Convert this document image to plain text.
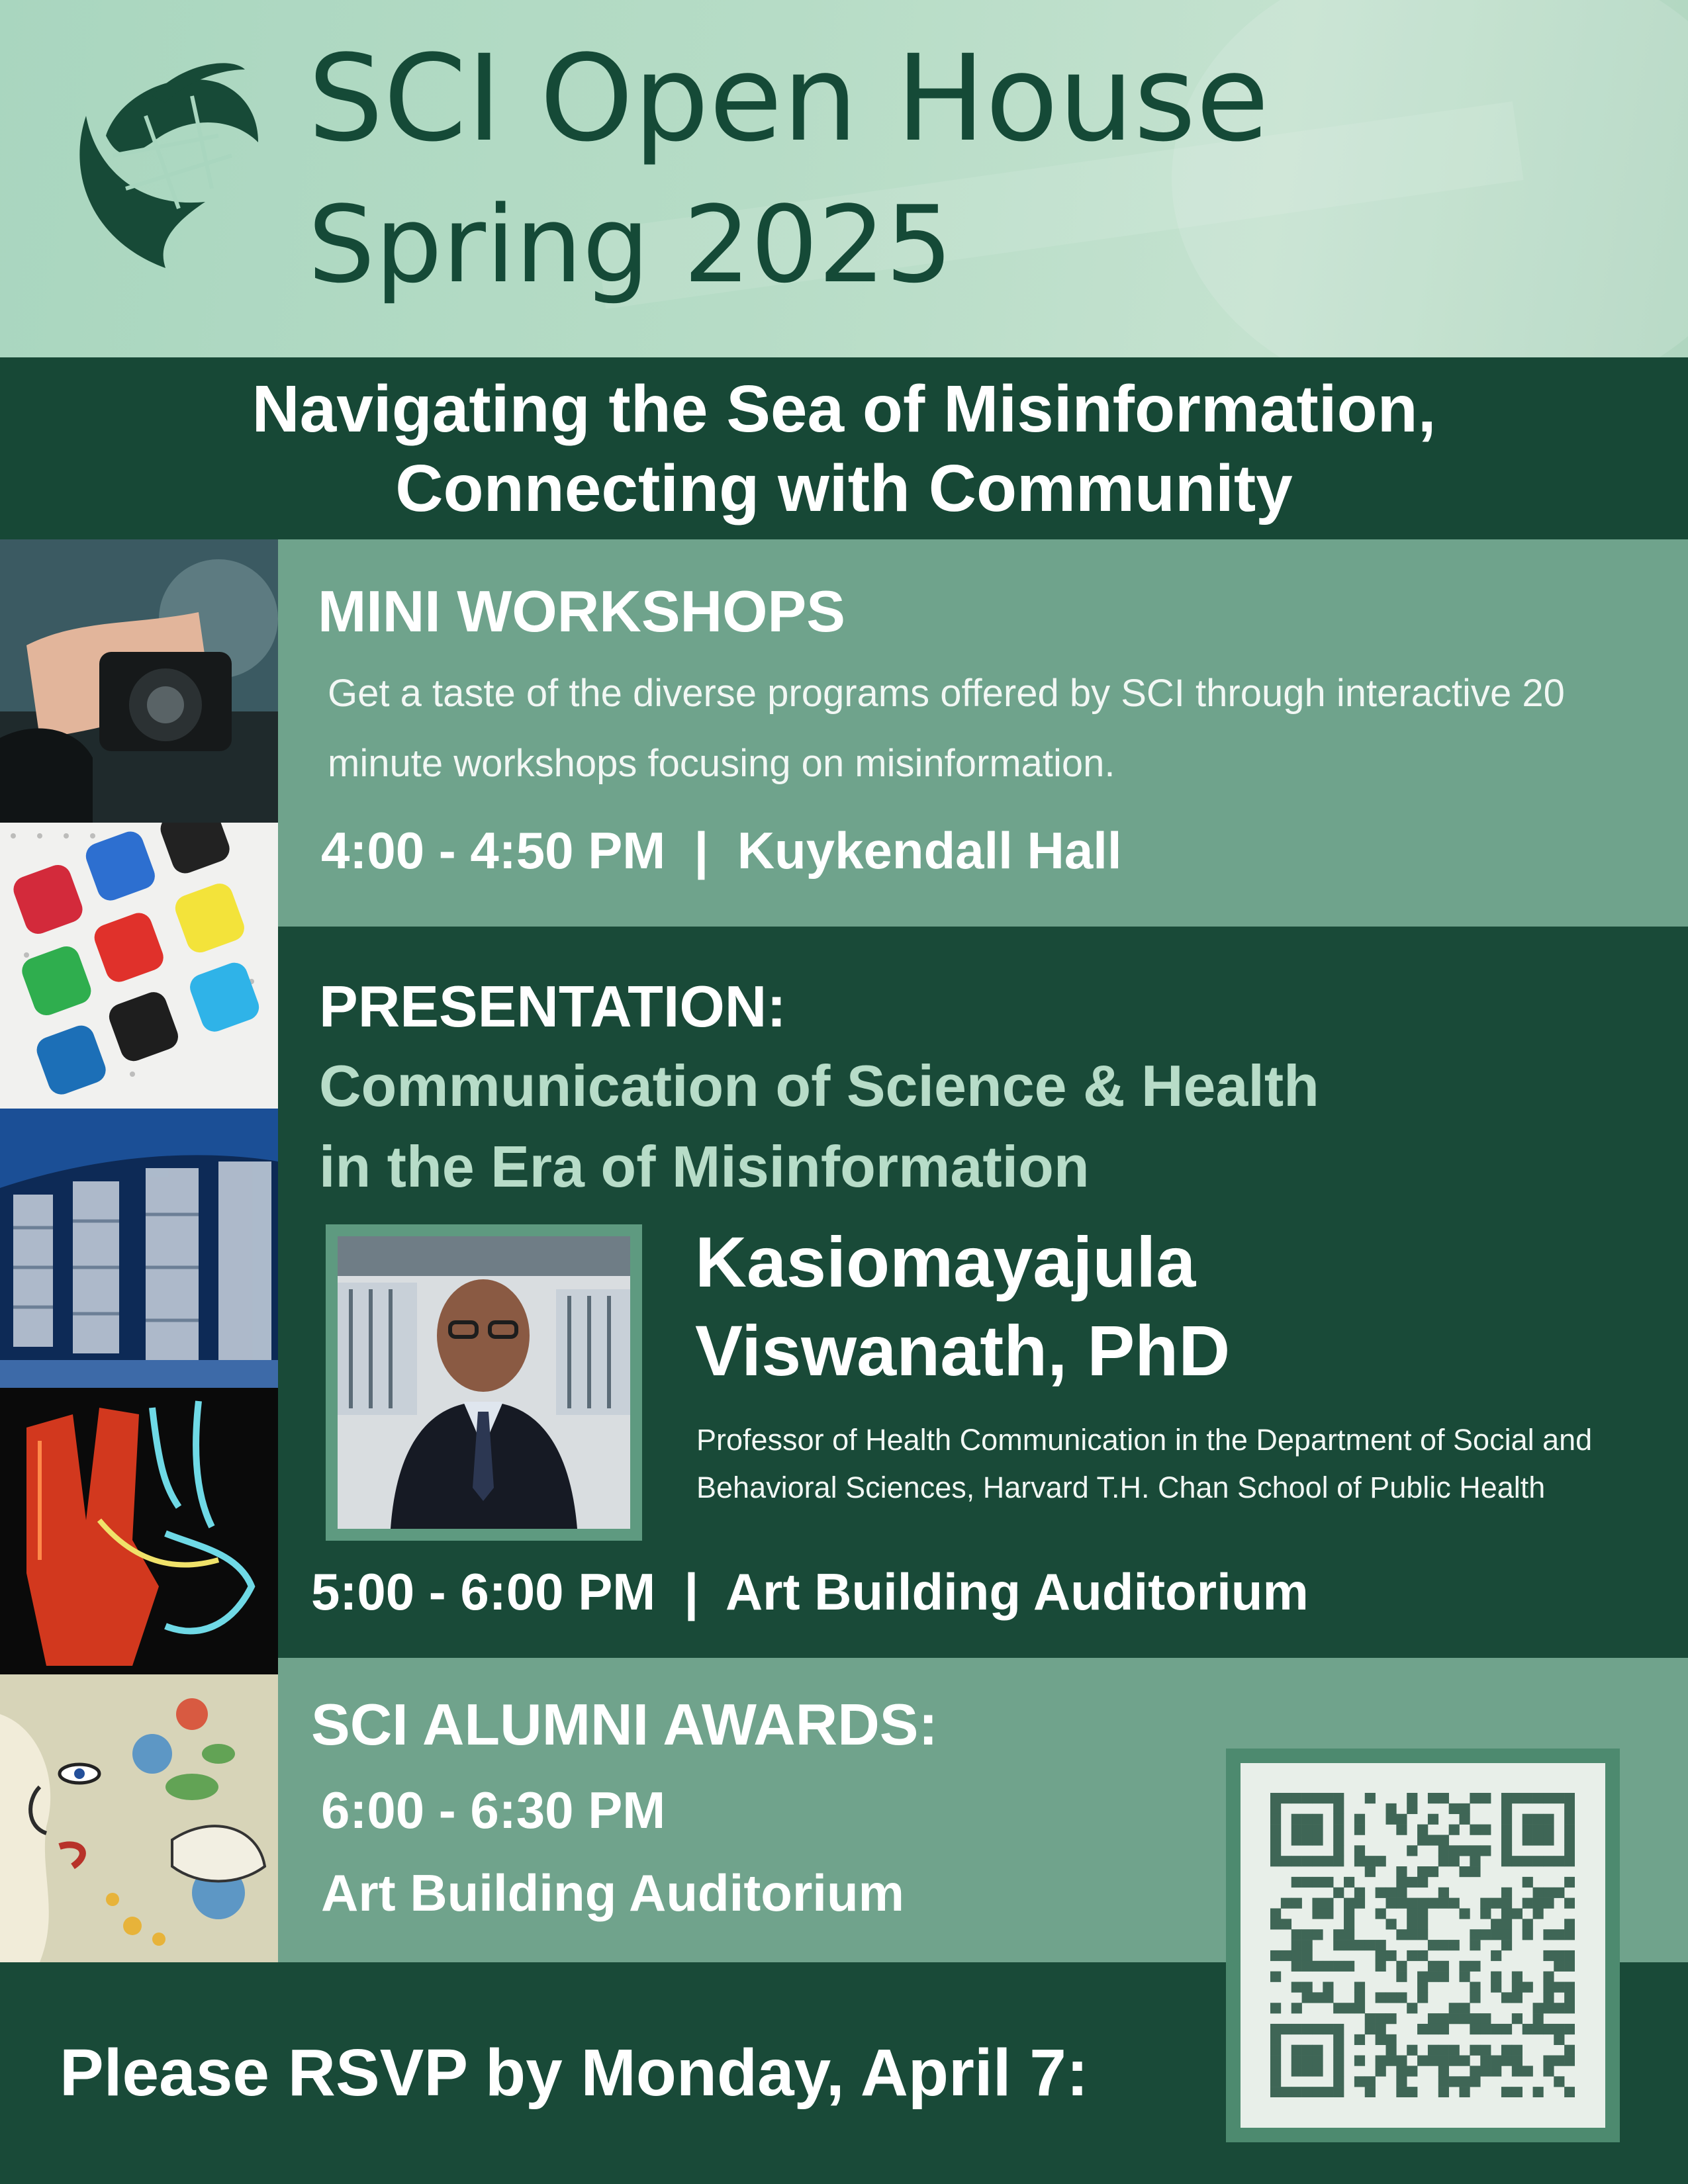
SCI Open House
Spring 2025
Navigating the Sea of Misinformation,
Connecting with Community
MINI WORKSHOPS
Get a taste of the diverse programs offered by SCI through interactive 20 minute workshops focusing on misinformation.
4:00 - 4:50 PM  |  Kuykendall Hall
PRESENTATION:
Communication of Science & Health
in the Era of Misinformation
Kasiomayajula
Viswanath, PhD
Professor of Health Communication in the Department of Social and Behavioral Sciences, Harvard T.H. Chan School of Public Health
5:00 - 6:00 PM  |  Art Building Auditorium
SCI ALUMNI AWARDS:
6:00 - 6:30 PM
Art Building Auditorium
Please RSVP by Monday, April 7:
